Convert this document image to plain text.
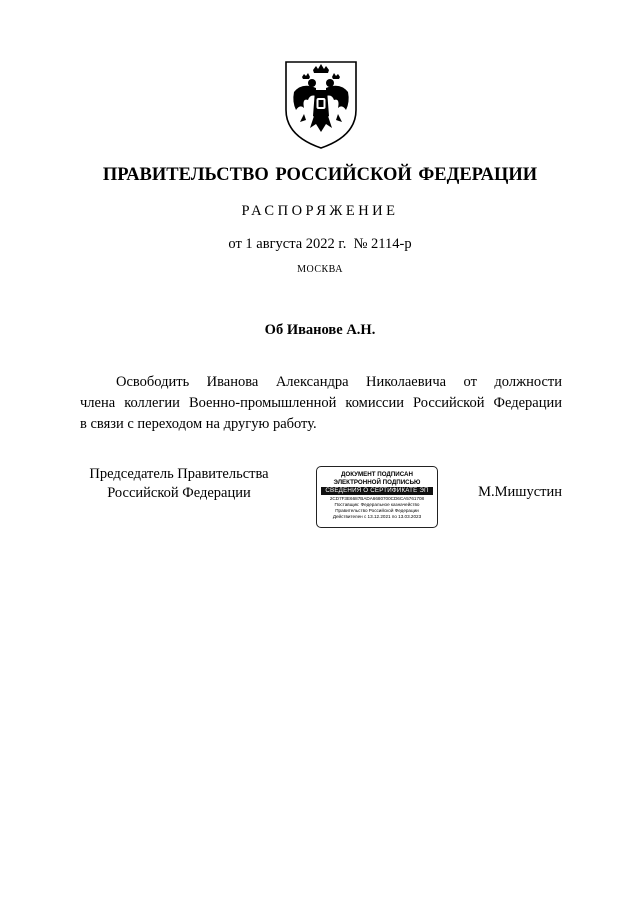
ПРАВИТЕЛЬСТВО РОССИЙСКОЙ ФЕДЕРАЦИИ
РАСПОРЯЖЕНИЕ
от 1 августа 2022 г. № 2114-р
МОСКВА
Об Иванове А.Н.
Освободить Иванова Александра Николаевича от должности
члена коллегии Военно-промышленной комиссии Российской Федерации
в связи с переходом на другую работу.
Председатель Правительства
Российской Федерации
ДОКУМЕНТ ПОДПИСАН
ЭЛЕКТРОННОЙ ПОДПИСЬЮ
СВЕДЕНИЯ О СЕРТИФИКАТЕ ЭП
2CD7F3E6687BADA6680700CD6CA5761708
Поставщик: Федеральное казначейство
Правительство Российской Федерации
Действителен с 13.12.2021 по 13.03.2023
М.Мишустин
